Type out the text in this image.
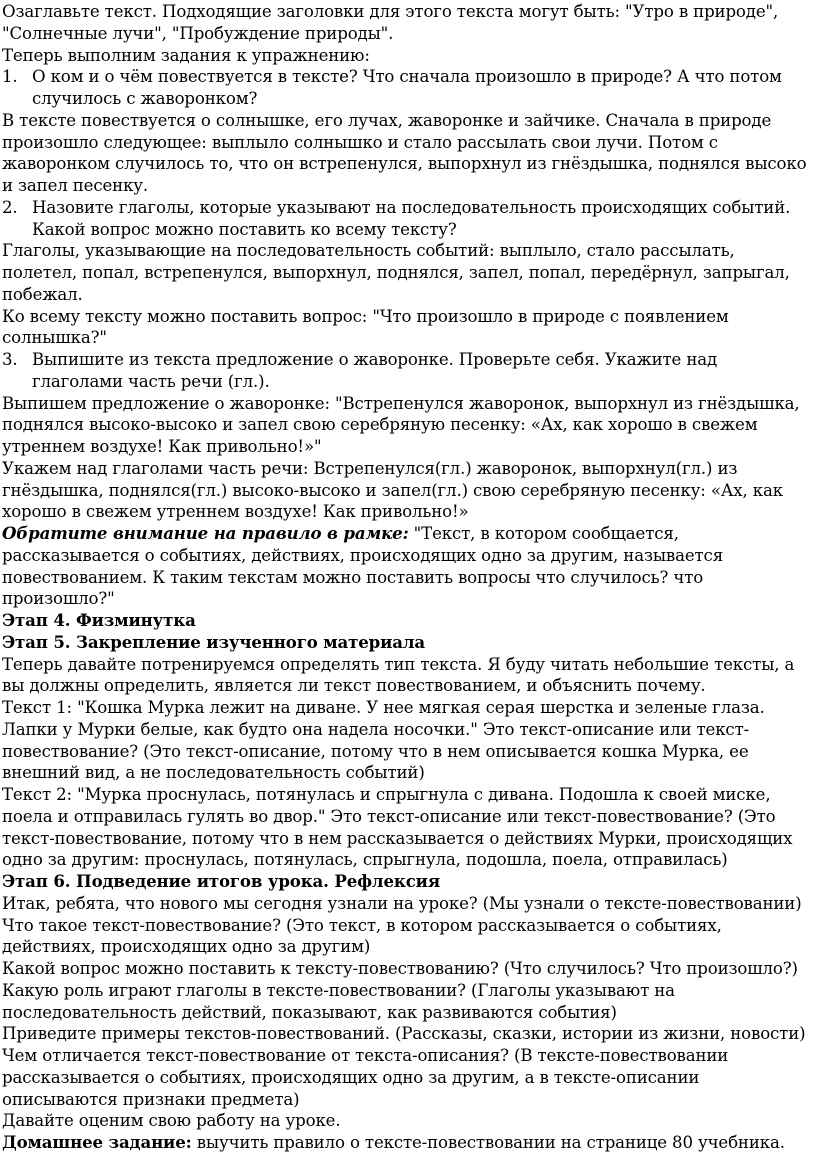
Озаглавьте текст. Подходящие заголовки для этого текста могут быть: "Утро в природе", "Солнечные лучи", "Пробуждение природы".

Теперь выполним задания к упражнению:

1. О ком и о чём повествуется в тексте? Что сначала произошло в природе? А что потом случилось с жаворонком?

В тексте повествуется о солнышке, его лучах, жаворонке и зайчике. Сначала в природе произошло следующее: выплыло солнышко и стало рассылать свои лучи. Потом с жаворонком случилось то, что он встрепенулся, выпорхнул из гнёздышка, поднялся высоко и запел песенку.

2. Назовите глаголы, которые указывают на последовательность происходящих событий. Какой вопрос можно поставить ко всему тексту?

Глаголы, указывающие на последовательность событий: выплыло, стало рассылать, полетел, попал, встрепенулся, выпорхнул, поднялся, запел, попал, передёрнул, запрыгал, побежал.

Ко всему тексту можно поставить вопрос: "Что произошло в природе с появлением солнышка?"

3. Выпишите из текста предложение о жаворонке. Проверьте себя. Укажите над глаголами часть речи (гл.).

Выпишем предложение о жаворонке: "Встрепенулся жаворонок, выпорхнул из гнёздышка, поднялся высоко-высоко и запел свою серебряную песенку: «Ах, как хорошо в свежем утреннем воздухе! Как привольно!»"

Укажем над глаголами часть речи: Встрепенулся(гл.) жаворонок, выпорхнул(гл.) из гнёздышка, поднялся(гл.) высоко-высоко и запел(гл.) свою серебряную песенку: «Ах, как хорошо в свежем утреннем воздухе! Как привольно!»

Обратите внимание на правило в рамке: "Текст, в котором сообщается, рассказывается о событиях, действиях, происходящих одно за другим, называется повествованием. К таким текстам можно поставить вопросы что случилось? что произошло?"

Этап 4. Физминутка

Этап 5. Закрепление изученного материала

Теперь давайте потренируемся определять тип текста. Я буду читать небольшие тексты, а вы должны определить, является ли текст повествованием, и объяснить почему.

Текст 1: "Кошка Мурка лежит на диване. У нее мягкая серая шерстка и зеленые глаза. Лапки у Мурки белые, как будто она надела носочки." Это текст-описание или текст-повествование? (Это текст-описание, потому что в нем описывается кошка Мурка, ее внешний вид, а не последовательность событий)

Текст 2: "Мурка проснулась, потянулась и спрыгнула с дивана. Подошла к своей миске, поела и отправилась гулять во двор." Это текст-описание или текст-повествование? (Это текст-повествование, потому что в нем рассказывается о действиях Мурки, происходящих одно за другим: проснулась, потянулась, спрыгнула, подошла, поела, отправилась)

Этап 6. Подведение итогов урока. Рефлексия

Итак, ребята, что нового мы сегодня узнали на уроке? (Мы узнали о тексте-повествовании)

Что такое текст-повествование? (Это текст, в котором рассказывается о событиях, действиях, происходящих одно за другим)

Какой вопрос можно поставить к тексту-повествованию? (Что случилось? Что произошло?)

Какую роль играют глаголы в тексте-повествовании? (Глаголы указывают на последовательность действий, показывают, как развиваются события)

Приведите примеры текстов-повествований. (Рассказы, сказки, истории из жизни, новости)

Чем отличается текст-повествование от текста-описания? (В тексте-повествовании рассказывается о событиях, происходящих одно за другим, а в тексте-описании описываются признаки предмета)

Давайте оценим свою работу на уроке.

Домашнее задание: выучить правило о тексте-повествовании на странице 80 учебника.
